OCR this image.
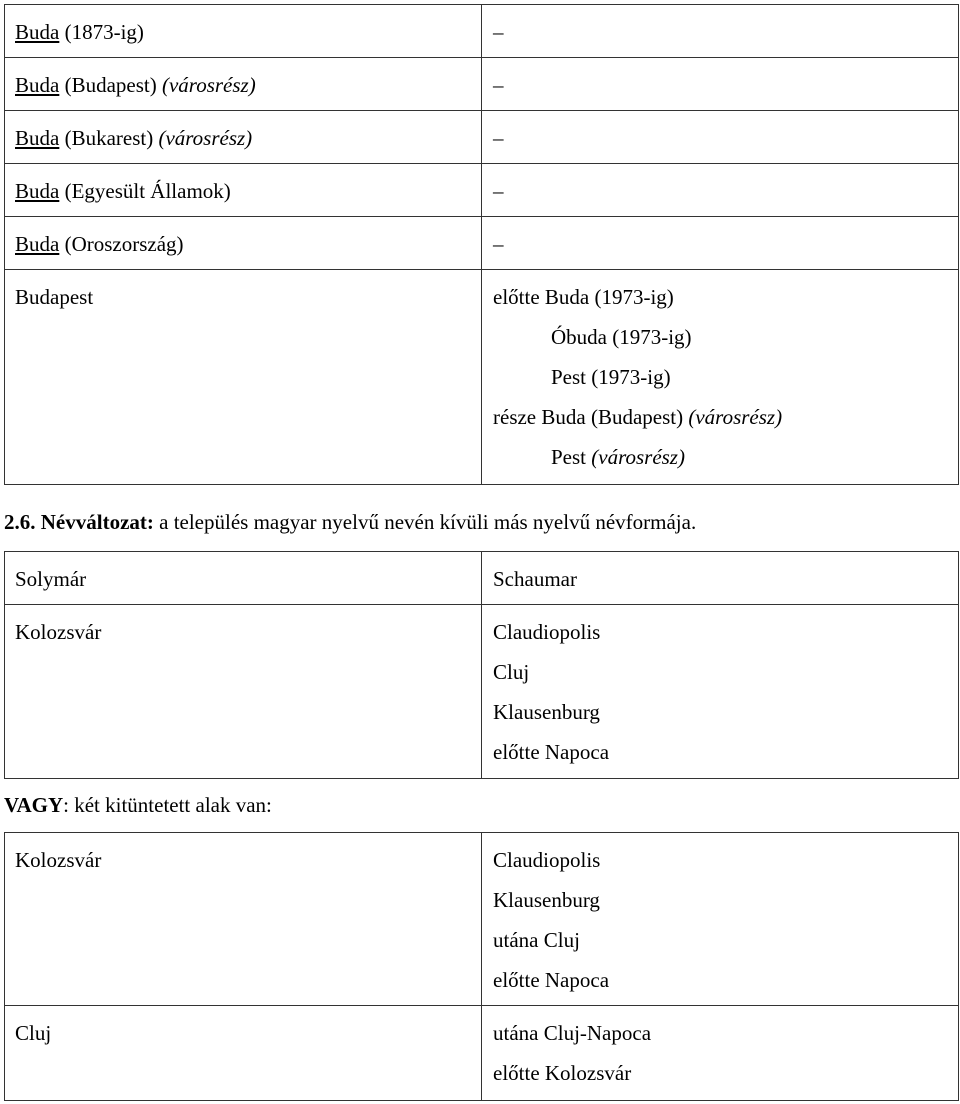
Buda (1873-ig)	–

Buda (Budapest) (városrész)	–

Buda (Bukarest) (városrész)	–

Buda (Egyesült Államok)	–

Buda (Oroszország)	–

Budapest	előtte Buda (1973-ig)
Óbuda (1973-ig)
Pest (1973-ig)
része Buda (Budapest) (városrész)
Pest (városrész)
2.6. Névváltozat: a település magyar nyelvű nevén kívüli más nyelvű névformája.
Solymár	Schaumar

Kolozsvár	Claudiopolis
Cluj
Klausenburg
előtte Napoca
VAGY: két kitüntetett alak van:
Kolozsvár	Claudiopolis
Klausenburg
utána Cluj
előtte Napoca

Cluj	utána Cluj-Napoca
előtte Kolozsvár
